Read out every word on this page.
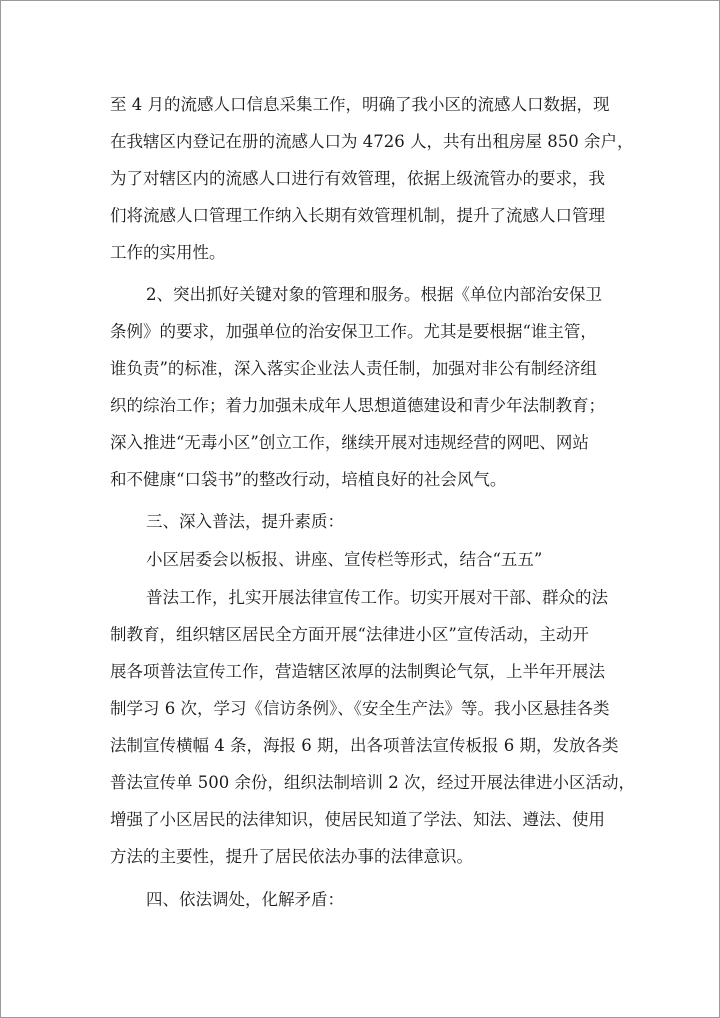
至 4 月的流感人口信息采集工作，明确了我小区的流感人口数据，现
在我辖区内登记在册的流感人口为 4726 人，共有出租房屋 850 余户，
为了对辖区内的流感人口进行有效管理，依据上级流管办的要求，我
们将流感人口管理工作纳入长期有效管理机制，提升了流感人口管理
工作的实用性。
2、突出抓好关键对象的管理和服务。根据《单位内部治安保卫
条例》的要求，加强单位的治安保卫工作。尤其是要根据“谁主管，
谁负责”的标准，深入落实企业法人责任制，加强对非公有制经济组
织的综治工作；着力加强未成年人思想道德建设和青少年法制教育；
深入推进“无毒小区”创立工作，继续开展对违规经营的网吧、网站
和不健康“口袋书”的整改行动，培植良好的社会风气。
三、深入普法，提升素质：
小区居委会以板报、讲座、宣传栏等形式，结合“五五”
普法工作，扎实开展法律宣传工作。切实开展对干部、群众的法
制教育，组织辖区居民全方面开展“法律进小区”宣传活动，主动开
展各项普法宣传工作，营造辖区浓厚的法制舆论气氛，上半年开展法
制学习 6 次，学习《信访条例》、《安全生产法》等。我小区悬挂各类
法制宣传横幅 4 条，海报 6 期，出各项普法宣传板报 6 期，发放各类
普法宣传单 500 余份，组织法制培训 2 次，经过开展法律进小区活动，
增强了小区居民的法律知识，使居民知道了学法、知法、遵法、使用
方法的主要性，提升了居民依法办事的法律意识。
四、依法调处，化解矛盾：
